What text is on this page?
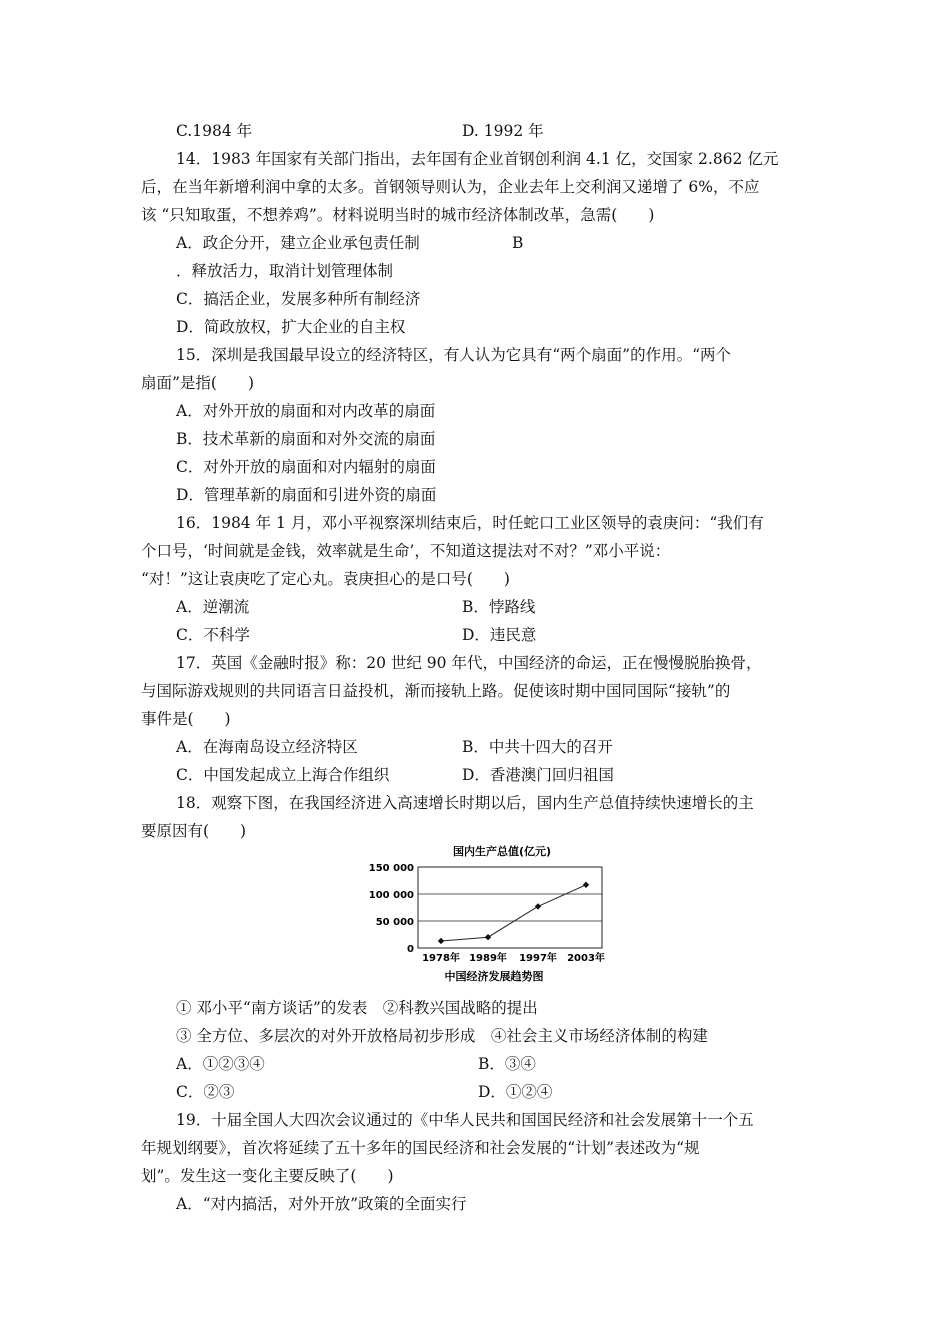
C.1984 年	D. 1992 年
14．1983 年国家有关部门指出，去年国有企业首钢创利润 4.1 亿，交国家 2.862 亿元
后，在当年新增利润中拿的太多。首钢领导则认为，企业去年上交利润又递增了 6%，不应
该 “只知取蛋，不想养鸡”。材料说明当时的城市经济体制改革，急需(　　)
A．政企分开，建立企业承包责任制	B
．释放活力，取消计划管理体制
C．搞活企业，发展多种所有制经济
D．简政放权，扩大企业的自主权
15．深圳是我国最早设立的经济特区，有人认为它具有“两个扇面”的作用。“两个
扇面”是指(　　)
A．对外开放的扇面和对内改革的扇面
B．技术革新的扇面和对外交流的扇面
C．对外开放的扇面和对内辐射的扇面
D．管理革新的扇面和引进外资的扇面
16．1984 年 1 月，邓小平视察深圳结束后，时任蛇口工业区领导的袁庚问：“我们有
个口号，‘时间就是金钱，效率就是生命’，不知道这提法对不对？”邓小平说：
“对！”这让袁庚吃了定心丸。袁庚担心的是口号(　　)
A．逆潮流	B．悖路线
C．不科学	D．违民意
17．英国《金融时报》称：20 世纪 90 年代，中国经济的命运，正在慢慢脱胎换骨，
与国际游戏规则的共同语言日益投机，渐而接轨上路。促使该时期中国同国际“接轨”的
事件是(　　)
A．在海南岛设立经济特区	B．中共十四大的召开
C．中国发起成立上海合作组织	D．香港澳门回归祖国
18．观察下图，在我国经济进入高速增长时期以后，国内生产总值持续快速增长的主
要原因有(　　)
国内生产总值(亿元)
150 000
100 000
50 000
0
1978年 1989年 1997年 2003年
中国经济发展趋势图
① 邓小平“南方谈话”的发表　②科教兴国战略的提出
③ 全方位、多层次的对外开放格局初步形成　④社会主义市场经济体制的构建
A．①②③④	B．③④
C．②③	D．①②④
19．十届全国人大四次会议通过的《中华人民共和国国民经济和社会发展第十一个五
年规划纲要》，首次将延续了五十多年的国民经济和社会发展的“计划”表述改为“规
划”。发生这一变化主要反映了(　　)
A．“对内搞活，对外开放”政策的全面实行
